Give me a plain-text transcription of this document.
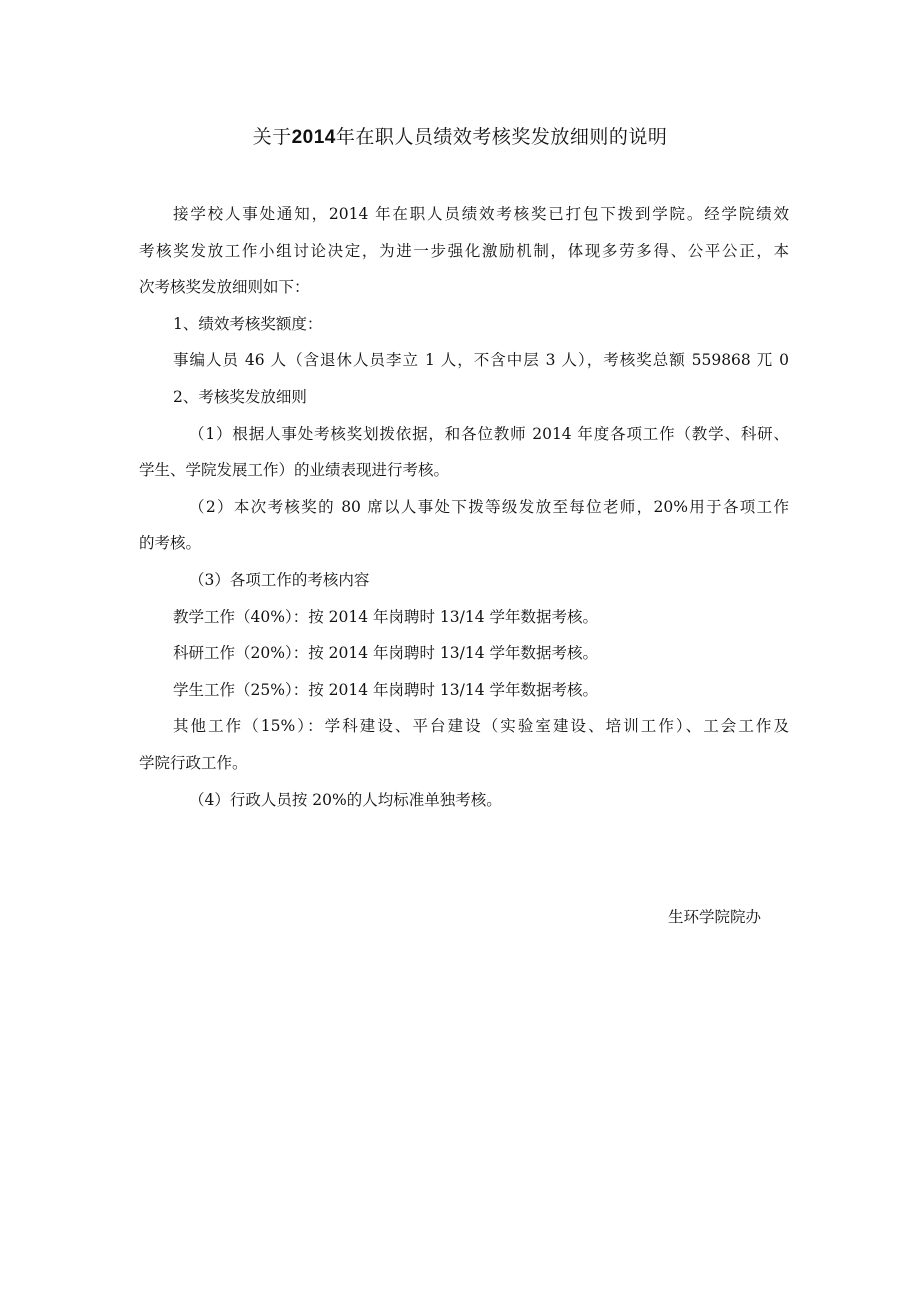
关于2014年在职人员绩效考核奖发放细则的说明

接学校人事处通知，2014 年在职人员绩效考核奖已打包下拨到学院。经学院绩效

考核奖发放工作小组讨论决定，为进一步强化激励机制，体现多劳多得、公平公正，本

次考核奖发放细则如下：

1、绩效考核奖额度：

事编人员 46 人（含退休人员李立 1 人，不含中层 3 人），考核奖总额 559868 兀 0

2、考核奖发放细则

（1）根据人事处考核奖划拨依据，和各位教师 2014 年度各项工作（教学、科研、

学生、学院发展工作）的业绩表现进行考核。

（2）本次考核奖的 80 席以人事处下拨等级发放至每位老师，20%用于各项工作

的考核。

（3）各项工作的考核内容

教学工作（40%）：按 2014 年岗聘时 13/14 学年数据考核。

科研工作（20%）：按 2014 年岗聘时 13/14 学年数据考核。

学生工作（25%）：按 2014 年岗聘时 13/14 学年数据考核。

其他工作（15%）：学科建设、平台建设（实验室建设、培训工作）、工会工作及

学院行政工作。

（4）行政人员按 20%的人均标准单独考核。

生环学院院办
